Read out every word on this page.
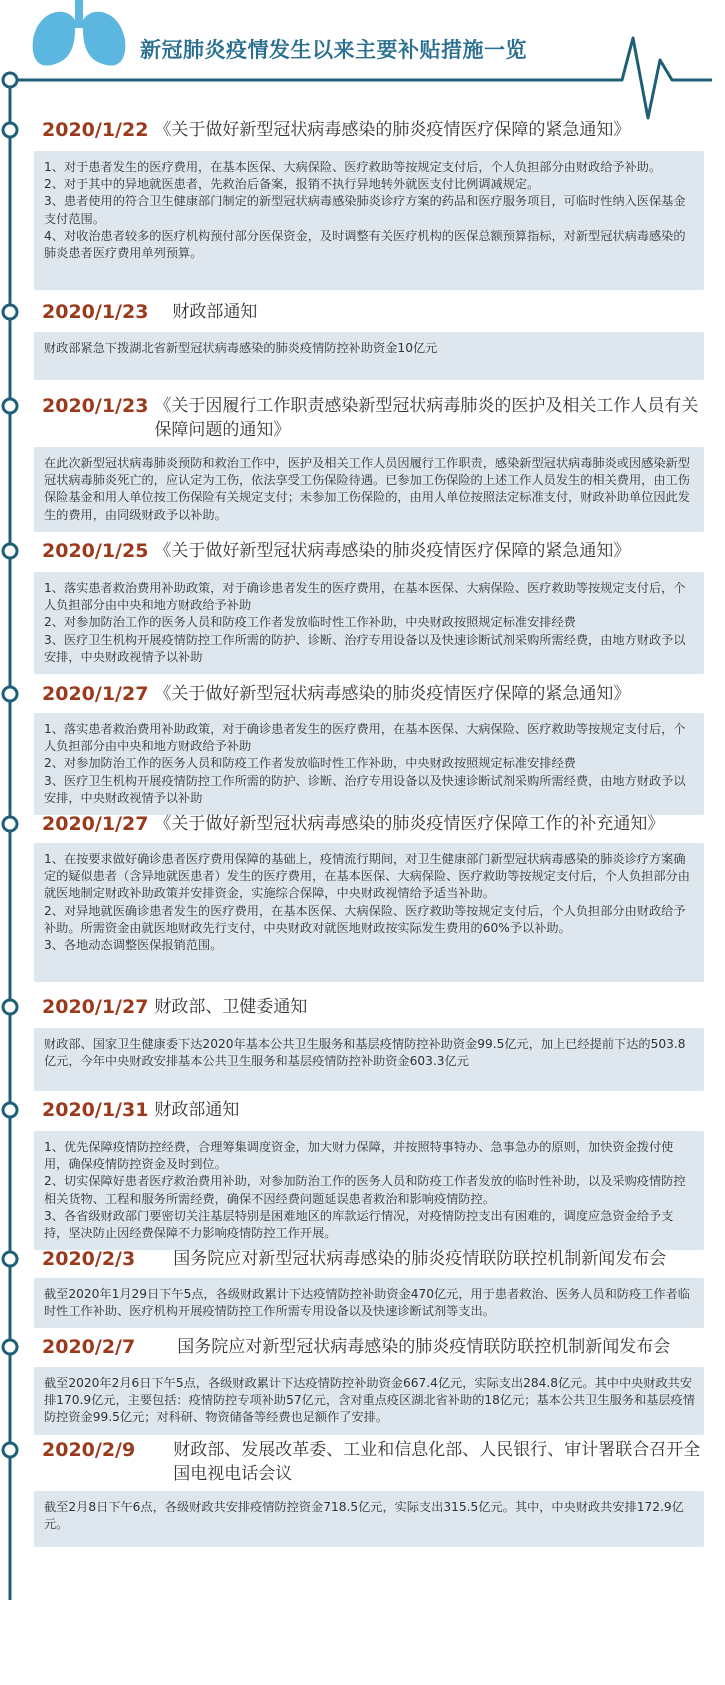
新冠肺炎疫情发生以来主要补贴措施一览
2020/1/22 《关于做好新型冠状病毒感染的肺炎疫情医疗保障的紧急通知》

1、对于患者发生的医疗费用，在基本医保、大病保险、医疗救助等按规定支付后，个人负担部分由财政给予补助。

2、对于其中的异地就医患者，先救治后备案，报销不执行异地转外就医支付比例调减规定。

3、患者使用的符合卫生健康部门制定的新型冠状病毒感染肺炎诊疗方案的药品和医疗服务项目，可临时性纳入医保基金支付范围。

4、对收治患者较多的医疗机构预付部分医保资金，及时调整有关医疗机构的医保总额预算指标，对新型冠状病毒感染的肺炎患者医疗费用单列预算。

2020/1/23	财政部通知

财政部紧急下拨湖北省新型冠状病毒感染的肺炎疫情防控补助资金10亿元

2020/1/23 《关于因履行工作职责感染新型冠状病毒肺炎的医护及相关工作人员有关保障问题的通知》

在此次新型冠状病毒肺炎预防和救治工作中，医护及相关工作人员因履行工作职责，感染新型冠状病毒肺炎或因感染新型冠状病毒肺炎死亡的，应认定为工伤，依法享受工伤保险待遇。已参加工伤保险的上述工作人员发生的相关费用，由工伤保险基金和用人单位按工伤保险有关规定支付；未参加工伤保险的，由用人单位按照法定标准支付，财政补助单位因此发生的费用，由同级财政予以补助。

2020/1/25 《关于做好新型冠状病毒感染的肺炎疫情医疗保障的紧急通知》

1、落实患者救治费用补助政策，对于确诊患者发生的医疗费用，在基本医保、大病保险、医疗救助等按规定支付后，个人负担部分由中央和地方财政给予补助

2、对参加防治工作的医务人员和防疫工作者发放临时性工作补助，中央财政按照规定标准安排经费

3、医疗卫生机构开展疫情防控工作所需的防护、诊断、治疗专用设备以及快速诊断试剂采购所需经费，由地方财政予以安排，中央财政视情予以补助

2020/1/27 《关于做好新型冠状病毒感染的肺炎疫情医疗保障的紧急通知》

1、落实患者救治费用补助政策，对于确诊患者发生的医疗费用，在基本医保、大病保险、医疗救助等按规定支付后，个人负担部分由中央和地方财政给予补助

2、对参加防治工作的医务人员和防疫工作者发放临时性工作补助，中央财政按照规定标准安排经费

3、医疗卫生机构开展疫情防控工作所需的防护、诊断、治疗专用设备以及快速诊断试剂采购所需经费，由地方财政予以安排，中央财政视情予以补助

2020/1/27 《关于做好新型冠状病毒感染的肺炎疫情医疗保障工作的补充通知》

1、在按要求做好确诊患者医疗费用保障的基础上，疫情流行期间，对卫生健康部门新型冠状病毒感染的肺炎诊疗方案确定的疑似患者（含异地就医患者）发生的医疗费用，在基本医保、大病保险、医疗救助等按规定支付后，个人负担部分由就医地制定财政补助政策并安排资金，实施综合保障，中央财政视情给予适当补助。

2、对异地就医确诊患者发生的医疗费用，在基本医保、大病保险、医疗救助等按规定支付后，个人负担部分由财政给予补助。所需资金由就医地财政先行支付，中央财政对就医地财政按实际发生费用的60%予以补助。

3、各地动态调整医保报销范围。

2020/1/27 财政部、卫健委通知

财政部、国家卫生健康委下达2020年基本公共卫生服务和基层疫情防控补助资金99.5亿元，加上已经提前下达的503.8亿元，今年中央财政安排基本公共卫生服务和基层疫情防控补助资金603.3亿元

2020/1/31 财政部通知

1、优先保障疫情防控经费，合理筹集调度资金，加大财力保障，并按照特事特办、急事急办的原则，加快资金拨付使用，确保疫情防控资金及时到位。

2、切实保障好患者医疗救治费用补助，对参加防治工作的医务人员和防疫工作者发放的临时性补助，以及采购疫情防控相关货物、工程和服务所需经费，确保不因经费问题延误患者救治和影响疫情防控。

3、各省级财政部门要密切关注基层特别是困难地区的库款运行情况，对疫情防控支出有困难的，调度应急资金给予支持，坚决防止因经费保障不力影响疫情防控工作开展。

2020/2/3	国务院应对新型冠状病毒感染的肺炎疫情联防联控机制新闻发布会

截至2020年1月29日下午5点，各级财政累计下达疫情防控补助资金470亿元，用于患者救治、医务人员和防疫工作者临时性工作补助、医疗机构开展疫情防控工作所需专用设备以及快速诊断试剂等支出。

2020/2/7	国务院应对新型冠状病毒感染的肺炎疫情联防联控机制新闻发布会

截至2020年2月6日下午5点，各级财政累计下达疫情防控补助资金667.4亿元，实际支出284.8亿元。其中中央财政共安排170.9亿元，主要包括：疫情防控专项补助57亿元，含对重点疫区湖北省补助的18亿元；基本公共卫生服务和基层疫情防控资金99.5亿元；对科研、物资储备等经费也足额作了安排。

2020/2/9	财政部、发展改革委、工业和信息化部、人民银行、审计署联合召开全国电视电话会议

截至2月8日下午6点，各级财政共安排疫情防控资金718.5亿元，实际支出315.5亿元。其中，中央财政共安排172.9亿元。
